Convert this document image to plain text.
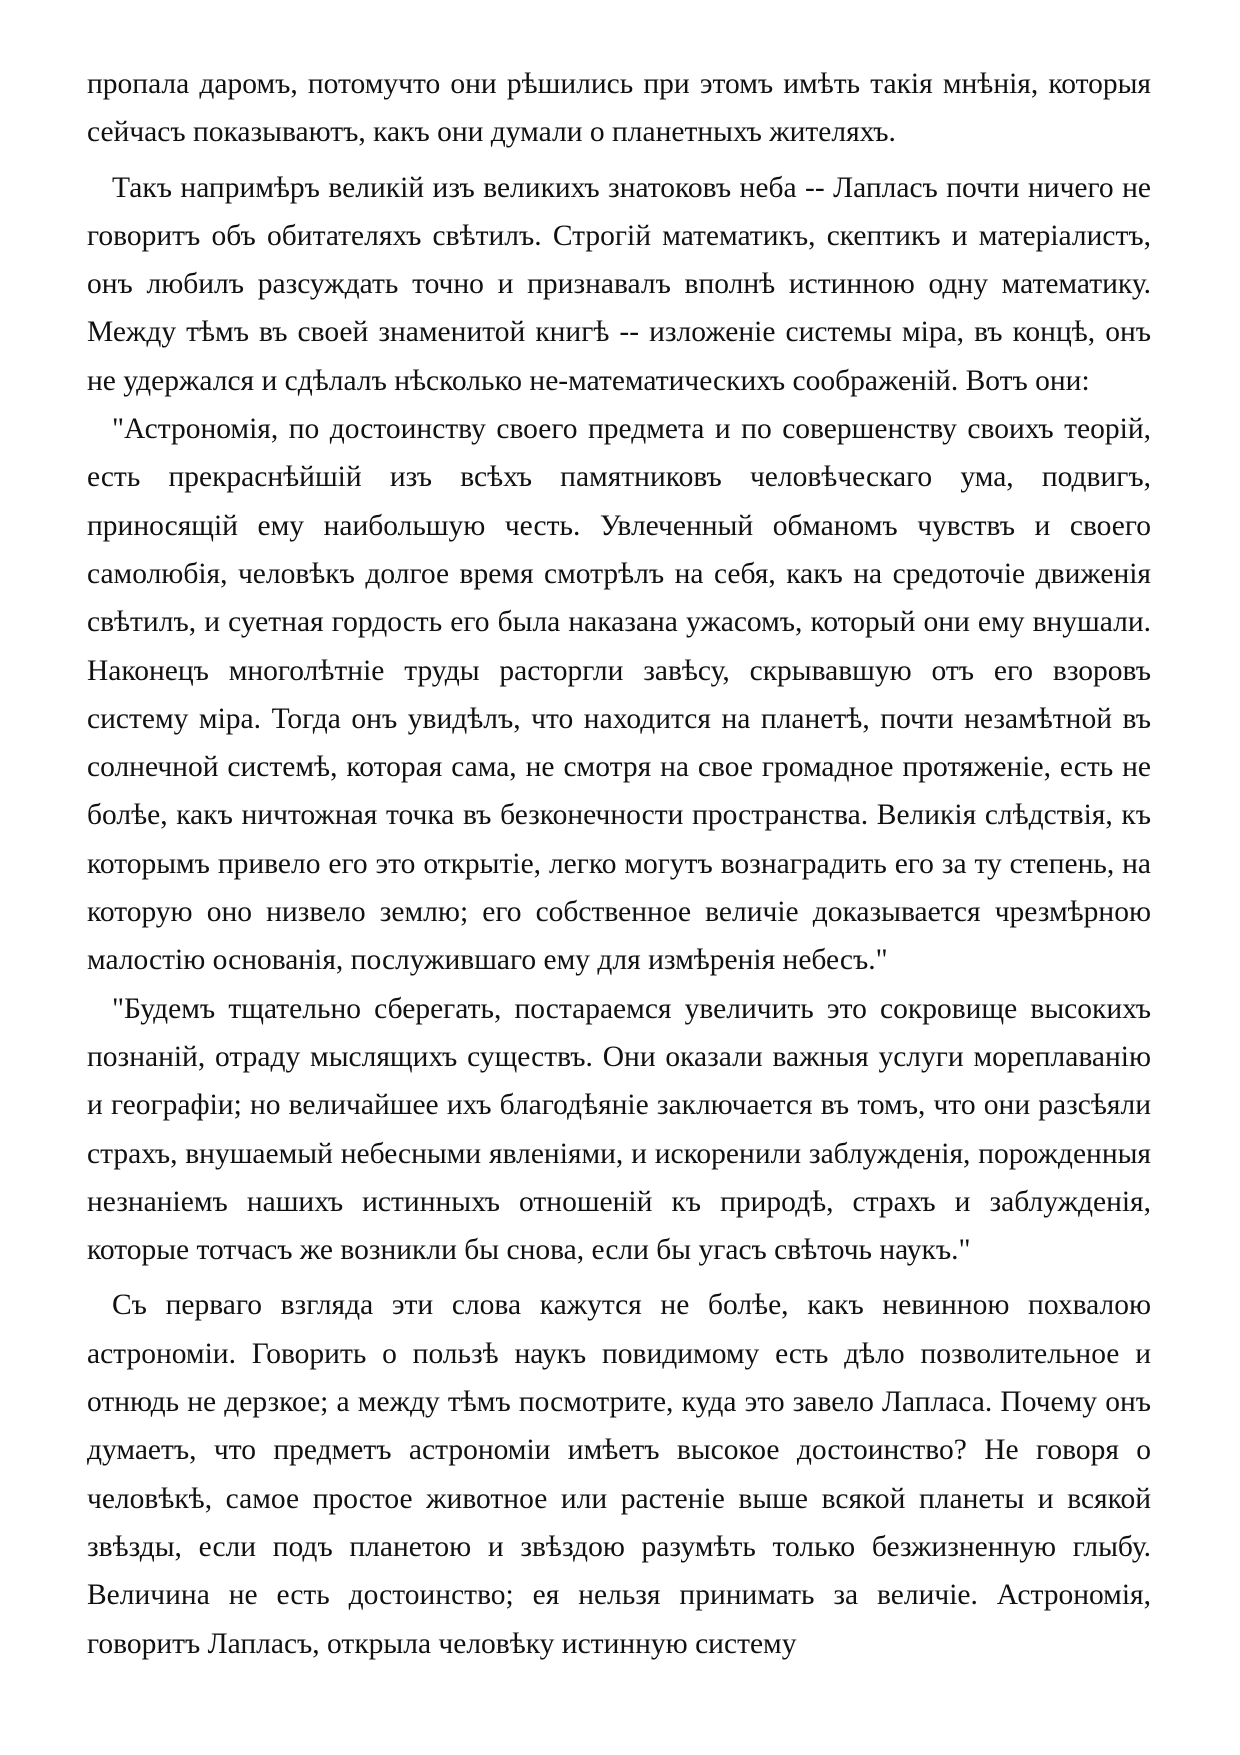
пропала даромъ, потомучто они рѣшились при этомъ имѣть такія мнѣнія, которыя сейчасъ показываютъ, какъ они думали о планетныхъ жителяхъ.

Такъ напримѣръ великій изъ великихъ знатоковъ неба -- Лапласъ почти ничего не говоритъ объ обитателяхъ свѣтилъ. Строгій математикъ, скептикъ и матеріалистъ, онъ любилъ разсуждать точно и признавалъ вполнѣ истинною одну математику. Между тѣмъ въ своей знаменитой книгѣ -- изложеніе системы міра, въ концѣ, онъ не удержался и сдѣлалъ нѣсколько не-математическихъ соображеній. Вотъ они:

"Астрономія, по достоинству своего предмета и по совершенству своихъ теорій, есть прекраснѣйшій изъ всѣхъ памятниковъ человѣческаго ума, подвигъ, приносящій ему наибольшую честь. Увлеченный обманомъ чувствъ и своего самолюбія, человѣкъ долгое время смотрѣлъ на себя, какъ на средоточіе движенія свѣтилъ, и суетная гордость его была наказана ужасомъ, который они ему внушали. Наконецъ многолѣтніе труды расторгли завѣсу, скрывавшую отъ его взоровъ систему міра. Тогда онъ увидѣлъ, что находится на планетѣ, почти незамѣтной въ солнечной системѣ, которая сама, не смотря на свое громадное протяженіе, есть не болѣе, какъ ничтожная точка въ безконечности пространства. Великія слѣдствія, къ которымъ привело его это открытіе, легко могутъ вознаградить его за ту степень, на которую оно низвело землю; его собственное величіе доказывается чрезмѣрною малостію основанія, послужившаго ему для измѣренія небесъ."

"Будемъ тщательно сберегать, постараемся увеличить это сокровище высокихъ познаній, отраду мыслящихъ существъ. Они оказали важныя услуги мореплаванію и географіи; но величайшее ихъ благодѣяніе заключается въ томъ, что они разсѣяли страхъ, внушаемый небесными явленіями, и искоренили заблужденія, порожденныя незнаніемъ нашихъ истинныхъ отношеній къ природѣ, страхъ и заблужденія, которые тотчасъ же возникли бы снова, если бы угасъ свѣточь наукъ."

Съ перваго взгляда эти слова кажутся не болѣе, какъ невинною похвалою астрономіи. Говорить о пользѣ наукъ повидимому есть дѣло позволительное и отнюдь не дерзкое; а между тѣмъ посмотрите, куда это завело Лапласа. Почему онъ думаетъ, что предметъ астрономіи имѣетъ высокое достоинство? Не говоря о человѣкѣ, самое простое животное или растеніе выше всякой планеты и всякой звѣзды, если подъ планетою и звѣздою разумѣть только безжизненную глыбу. Величина не есть достоинство; ея нельзя принимать за величіе. Астрономія, говоритъ Лапласъ, открыла человѣку истинную систему
